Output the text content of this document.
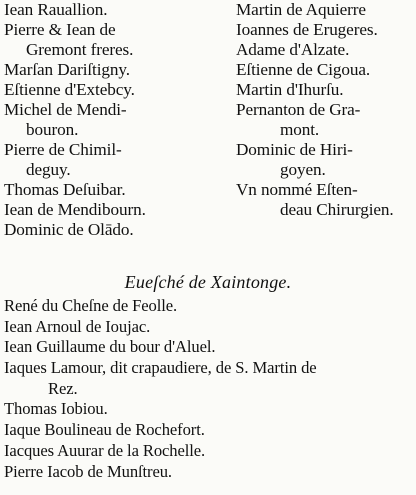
Iean Rauallion.
Pierre & Iean de
Gremont freres.
Marſan Dariſtigny.
Eſtienne d'Extebcy.
Michel de Mendi-
bouron.
Pierre de Chimil-
deguy.
Thomas Deſuibar.
Iean de Mendibourn.
Dominic de Olādo.
Martin de Aquierre
Ioannes de Erugeres.
Adame d'Alzate.
Eſtienne de Cigoua.
Martin d'Ihurſu.
Pernanton de Gra-
mont.
Dominic de Hiri-
goyen.
Vn nommé Eſten-
deau Chirurgien.
Eueſché de Xaintonge.
René du Cheſne de Feolle.
Iean Arnoul de Ioujac.
Iean Guillaume du bour d'Aluel.
Iaques Lamour, dit crapaudiere, de S. Martin de
Rez.
Thomas Iobiou.
Iaque Boulineau de Rochefort.
Iacques Auurar de la Rochelle.
Pierre Iacob de Munſtreu.
